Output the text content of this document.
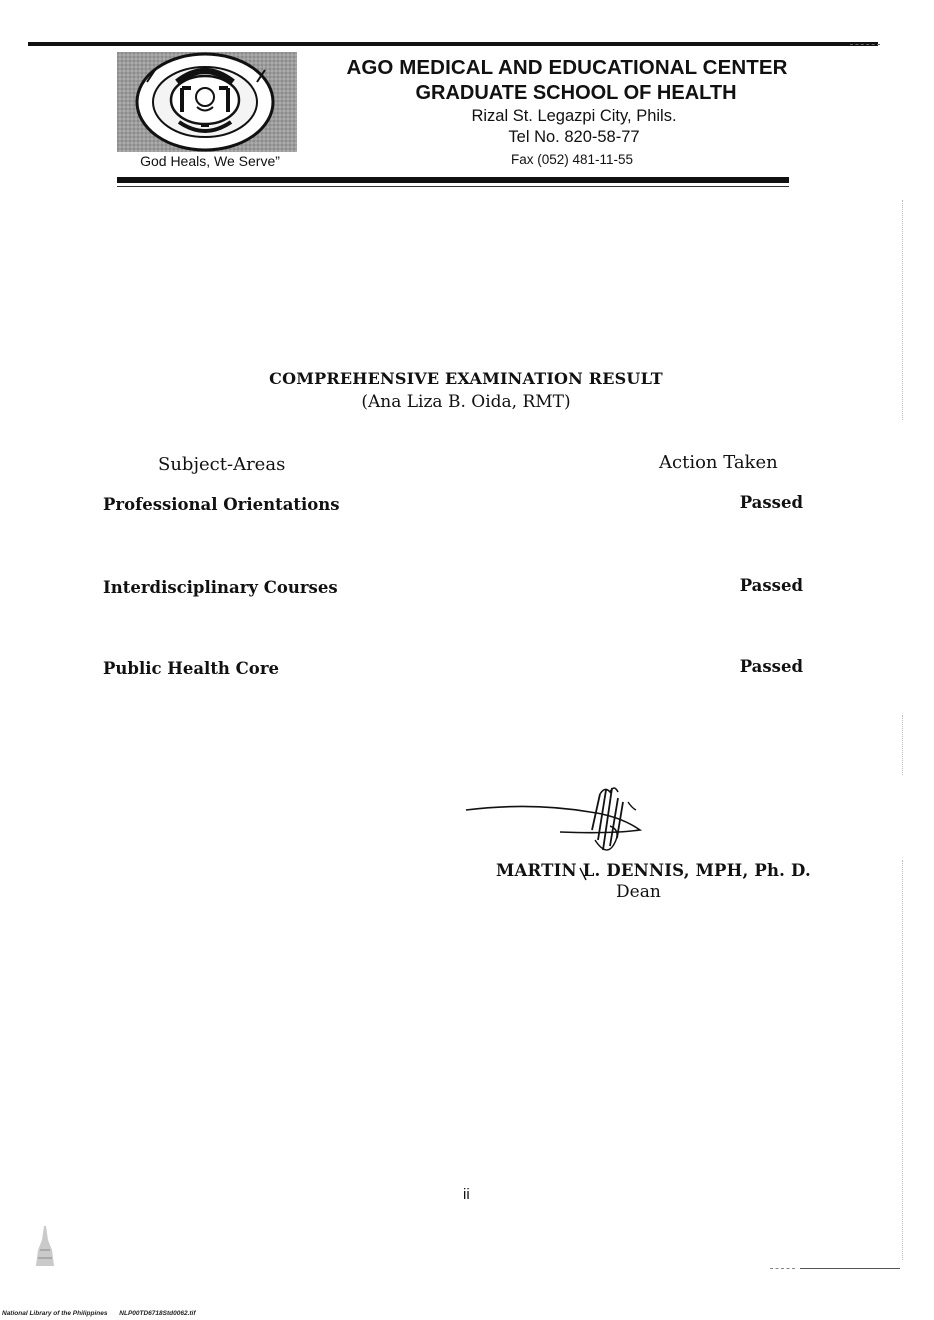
God Heals, We Serve”
AGO MEDICAL AND EDUCATIONAL CENTER
GRADUATE SCHOOL OF HEALTH
Rizal St. Legazpi City, Phils.
Tel No. 820-58-77
Fax (052) 481-11-55
COMPREHENSIVE EXAMINATION RESULT
(Ana Liza B. Oida, RMT)
Subject-Areas	Action Taken
Professional Orientations	Passed
Interdisciplinary Courses	Passed
Public Health Core	Passed
MARTIN L. DENNIS, MPH, Ph. D.
Dean
ii
National Library of the Philippines NLP00TD6718Std0062.tif
